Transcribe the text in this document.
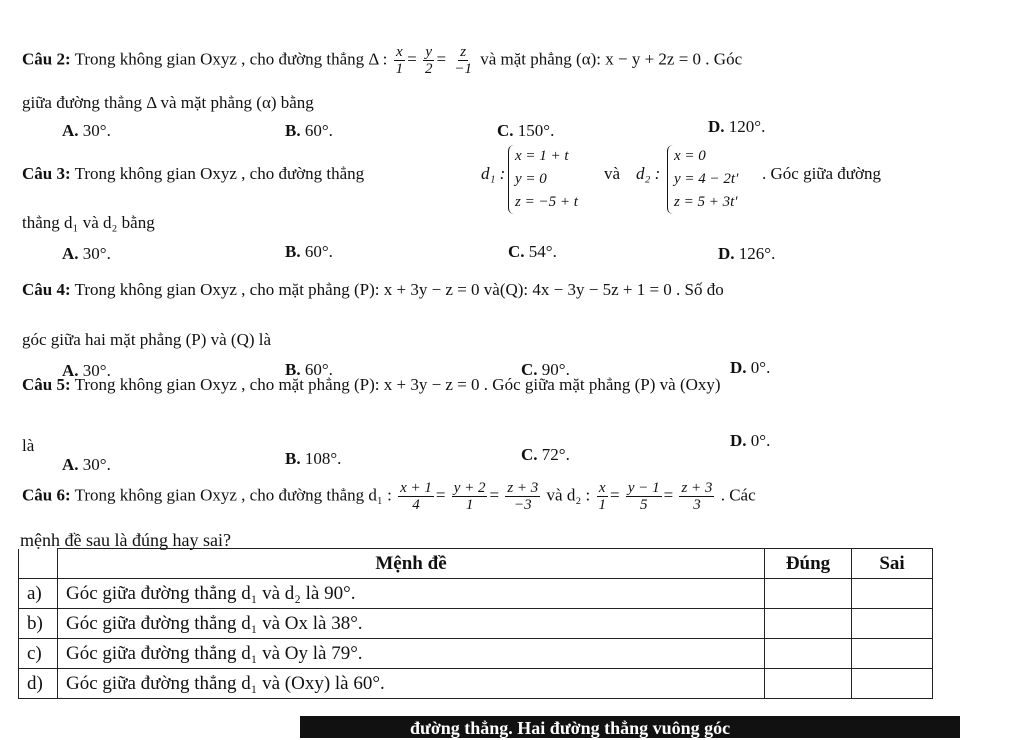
Câu 2: Trong không gian Oxyz , cho đường thẳng Δ : $\frac{x}{1} = \frac{y}{2} = \frac{z}{-1}$ và mặt phẳng (α): x − y + 2z = 0 . Góc
giữa đường thẳng Δ và mặt phẳng (α) bằng
A. 30°.	B. 60°.	C. 150°.	D. 120°.
Câu 3: Trong không gian Oxyz , cho đường thẳng	d₁ :
x = 1 + t
y = 0
z = −5 + t
và d₂ :
x = 0
y = 4 − 2t′
z = 5 + 3t′
. Góc giữa đường
thẳng d₁ và d₂ bằng
A. 30°.	B. 60°.	C. 54°.	D. 126°.
Câu 4: Trong không gian Oxyz , cho mặt phẳng (P): x + 3y − z = 0 và(Q): 4x − 3y − 5z + 1 = 0 . Số đo
góc giữa hai mặt phẳng (P) và (Q) là
A. 30°.	B. 60°.	C. 90°.	D. 0°.
Câu 5: Trong không gian Oxyz , cho mặt phẳng (P): x + 3y − z = 0 . Góc giữa mặt phẳng (P) và (Oxy)
là
A. 30°.	B. 108°.	C. 72°.
D. 0°.
Câu 6: Trong không gian Oxyz , cho đường thẳng d₁ : $\frac{x + 1}{4} = \frac{y + 2}{1} = \frac{z + 3}{-3}$ và d₂ : $\frac{x}{1} = \frac{y - 1}{5} = \frac{z + 3}{3}$ . Các
mệnh đề sau là đúng hay sai?
	Mệnh đề	Đúng	Sai
a)	Góc giữa đường thẳng d₁ và d₂ là 90°.		
b)	Góc giữa đường thẳng d₁ và Ox là 38°.		
c)	Góc giữa đường thẳng d₁ và Oy là 79°.		
d)	Góc giữa đường thẳng d₁ và (Oxy) là 60°.		
đường thẳng. Hai đường thẳng vuông góc
